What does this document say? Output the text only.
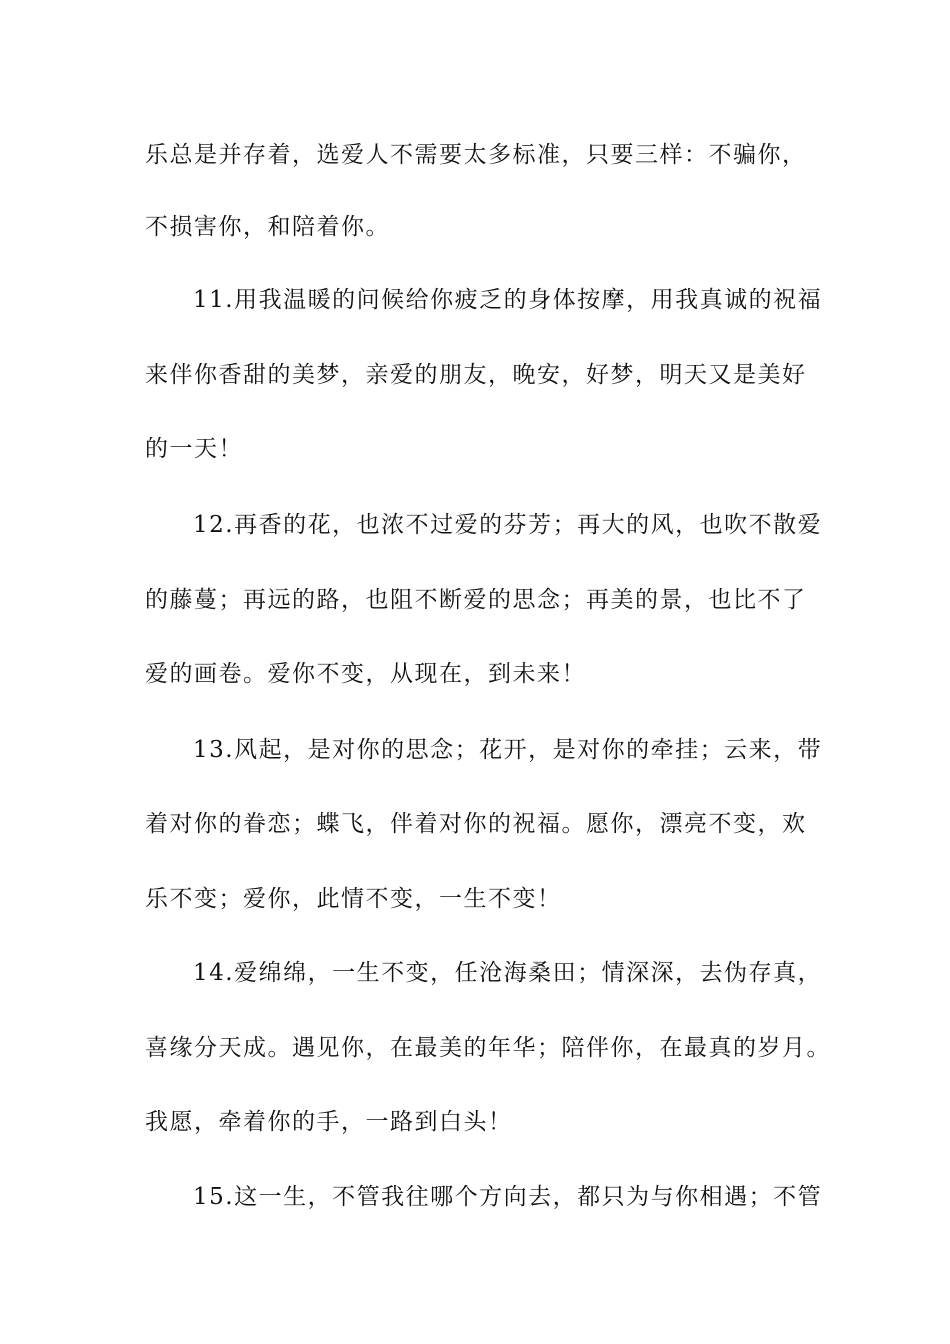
乐总是并存着，选爱人不需要太多标准，只要三样：不骗你，

不损害你，和陪着你。

11.用我温暖的问候给你疲乏的身体按摩，用我真诚的祝福

来伴你香甜的美梦，亲爱的朋友，晚安，好梦，明天又是美好

的一天！

12.再香的花，也浓不过爱的芬芳；再大的风，也吹不散爱

的藤蔓；再远的路，也阻不断爱的思念；再美的景，也比不了

爱的画卷。爱你不变，从现在，到未来！

13.风起，是对你的思念；花开，是对你的牵挂；云来，带

着对你的眷恋；蝶飞，伴着对你的祝福。愿你，漂亮不变，欢

乐不变；爱你，此情不变，一生不变！

14.爱绵绵，一生不变，任沧海桑田；情深深，去伪存真，

喜缘分天成。遇见你，在最美的年华；陪伴你，在最真的岁月。

我愿，牵着你的手，一路到白头！

15.这一生，不管我往哪个方向去，都只为与你相遇；不管
